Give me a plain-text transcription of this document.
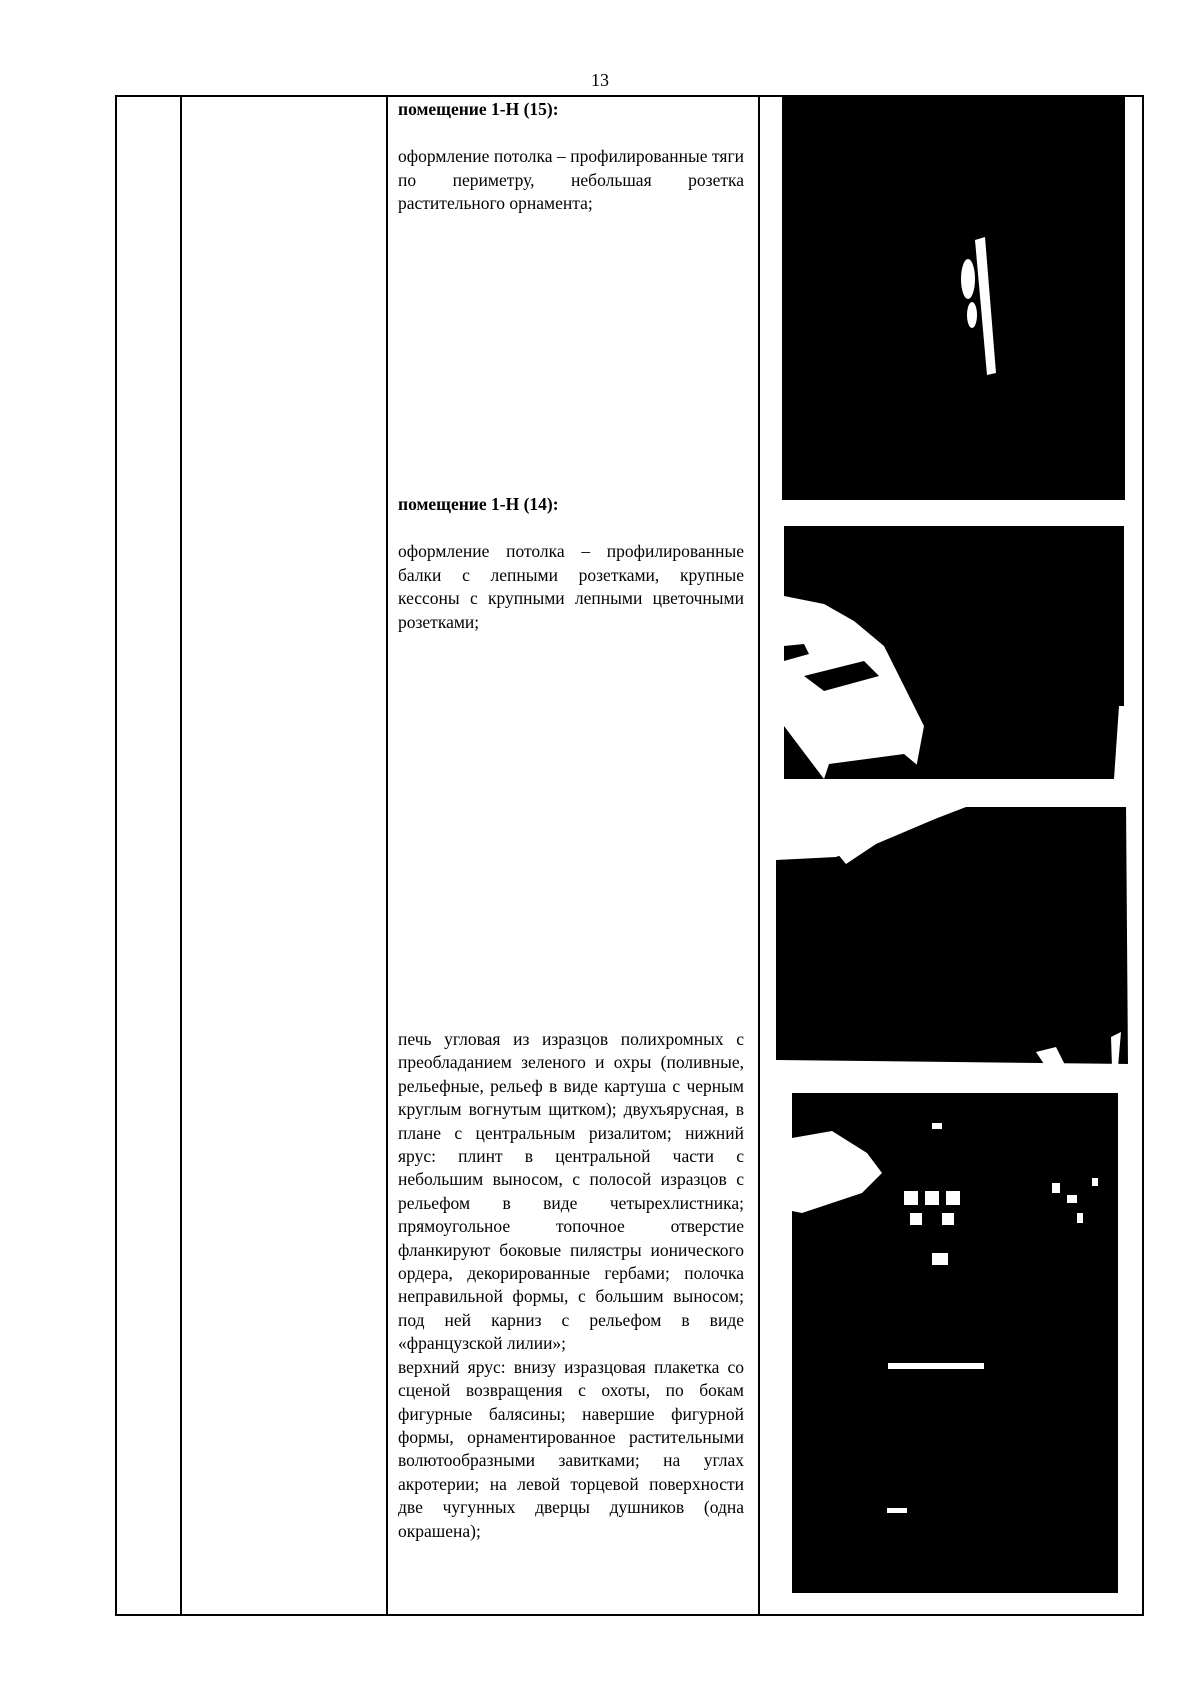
13
помещение 1-Н (15):
оформление потолка – профилированные тяги по периметру, небольшая розетка растительного орнамента;
помещение 1-Н (14):
оформление потолка – профилированные балки с лепными розетками, крупные кессоны с крупными лепными цветочными розетками;
печь угловая из изразцов полихромных с преобладанием зеленого и охры (поливные, рельефные, рельеф в виде картуша с черным круглым вогнутым щитком); двухъярусная, в плане с центральным ризалитом; нижний ярус: плинт в центральной части с небольшим выносом, с полосой изразцов с рельефом в виде четырехлистника; прямоугольное топочное отверстие фланкируют боковые пилястры ионического ордера, декорированные гербами; полочка неправильной формы, с большим выносом; под ней карниз с рельефом в виде «французской лилии»;
верхний ярус: внизу изразцовая плакетка со сценой возвращения с охоты, по бокам фигурные балясины; навершие фигурной формы, орнаментированное растительными волютообразными завитками; на углах акротерии; на левой торцевой поверхности две чугунных дверцы душников (одна окрашена);
